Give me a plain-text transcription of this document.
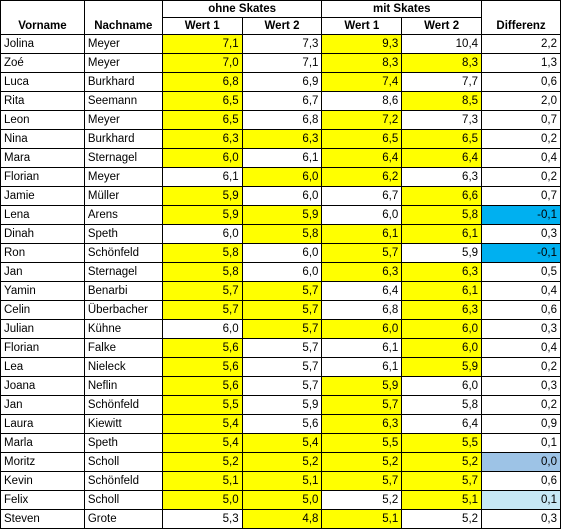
Vorname	Nachname	ohne Skates		mit Skates		Differenz
		Wert 1	Wert 2	Wert 1	Wert 2	
Jolina	Meyer	7,1	7,3	9,3	10,4	2,2
Zoé	Meyer	7,0	7,1	8,3	8,3	1,3
Luca	Burkhard	6,8	6,9	7,4	7,7	0,6
Rita	Seemann	6,5	6,7	8,6	8,5	2,0
Leon	Meyer	6,5	6,8	7,2	7,3	0,7
Nina	Burkhard	6,3	6,3	6,5	6,5	0,2
Mara	Sternagel	6,0	6,1	6,4	6,4	0,4
Florian	Meyer	6,1	6,0	6,2	6,3	0,2
Jamie	Müller	5,9	6,0	6,7	6,6	0,7
Lena	Arens	5,9	5,9	6,0	5,8	-0,1
Dinah	Speth	6,0	5,8	6,1	6,1	0,3
Ron	Schönfeld	5,8	6,0	5,7	5,9	-0,1
Jan	Sternagel	5,8	6,0	6,3	6,3	0,5
Yamin	Benarbi	5,7	5,7	6,4	6,1	0,4
Celin	Überbacher	5,7	5,7	6,8	6,3	0,6
Julian	Kühne	6,0	5,7	6,0	6,0	0,3
Florian	Falke	5,6	5,7	6,1	6,0	0,4
Lea	Nieleck	5,6	5,7	6,1	5,9	0,2
Joana	Neflin	5,6	5,7	5,9	6,0	0,3
Jan	Schönfeld	5,5	5,9	5,7	5,8	0,2
Laura	Kiewitt	5,4	5,6	6,3	6,4	0,9
Marla	Speth	5,4	5,4	5,5	5,5	0,1
Moritz	Scholl	5,2	5,2	5,2	5,2	0,0
Kevin	Schönfeld	5,1	5,1	5,7	5,7	0,6
Felix	Scholl	5,0	5,0	5,2	5,1	0,1
Steven	Grote	5,3	4,8	5,1	5,2	0,3
